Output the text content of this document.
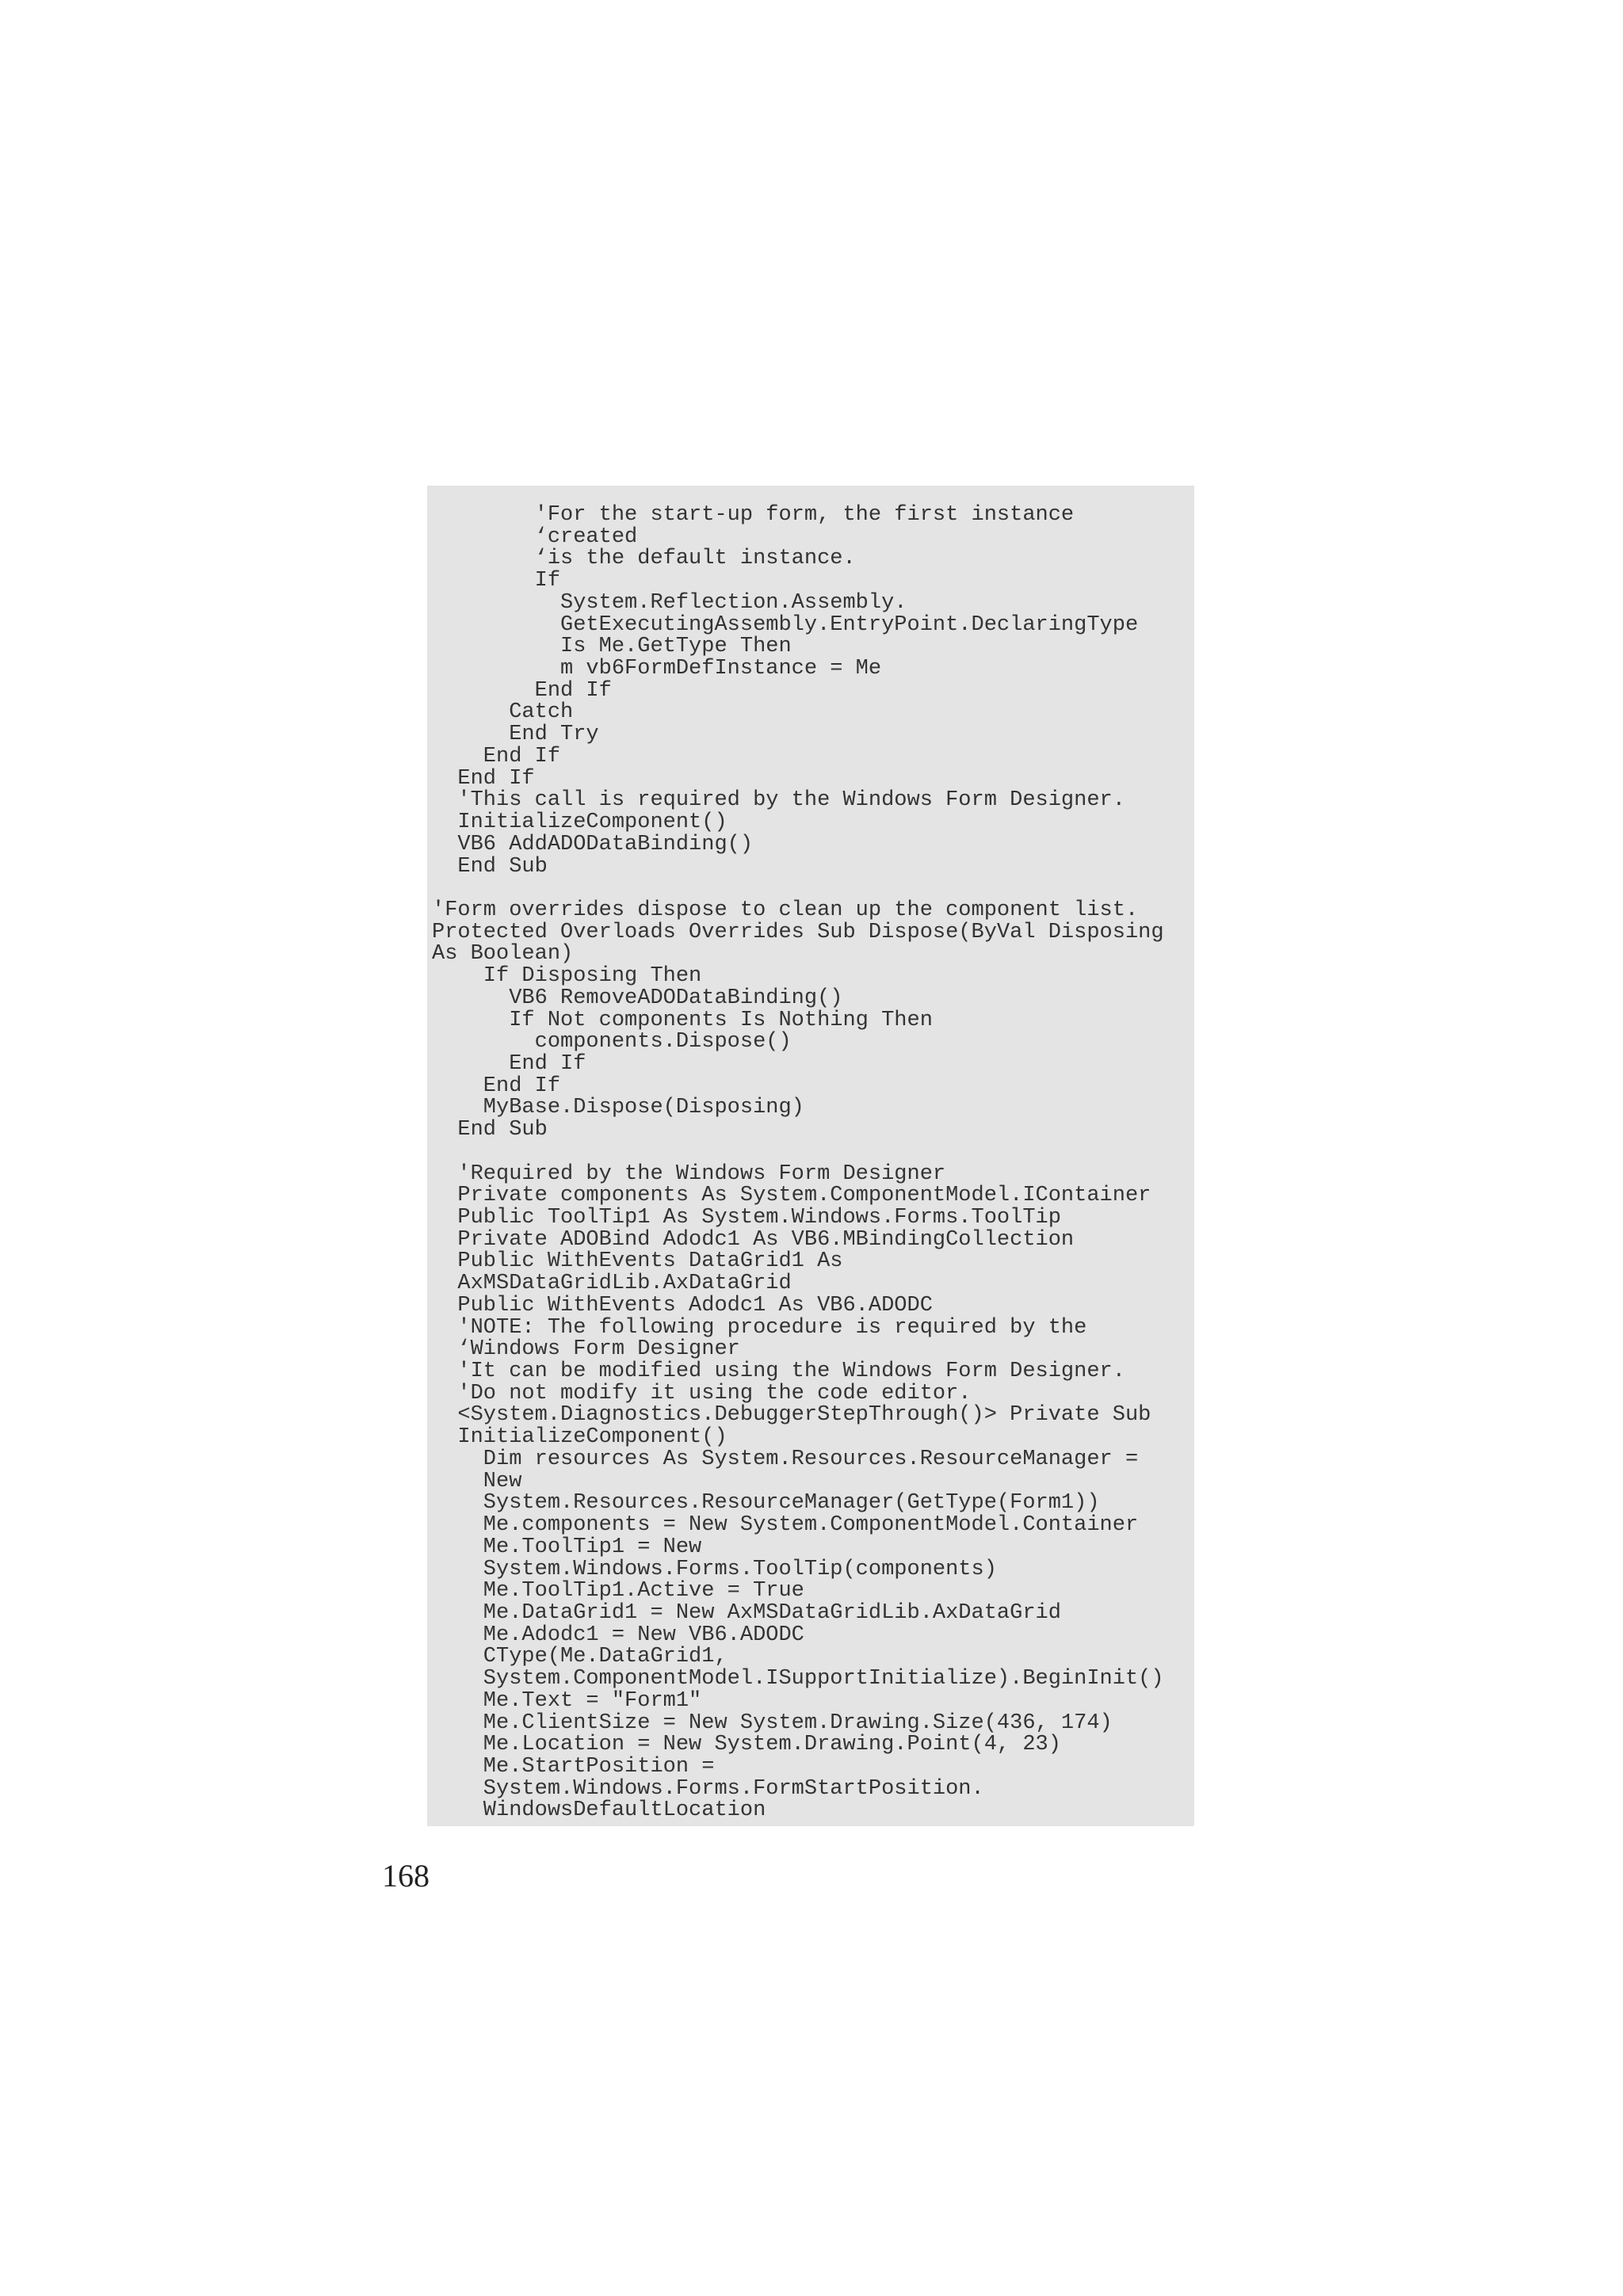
'For the start-up form, the first instance
‘created
‘is the default instance.
If
System.Reflection.Assembly.
GetExecutingAssembly.EntryPoint.DeclaringType
Is Me.GetType Then
m vb6FormDefInstance = Me
End If
Catch
End Try
End If
End If
'This call is required by the Windows Form Designer.
InitializeComponent()
VB6 AddADODataBinding()
End Sub
'Form overrides dispose to clean up the component list.
Protected Overloads Overrides Sub Dispose(ByVal Disposing
As Boolean)
If Disposing Then
VB6 RemoveADODataBinding()
If Not components Is Nothing Then
components.Dispose()
End If
End If
MyBase.Dispose(Disposing)
End Sub
'Required by the Windows Form Designer
Private components As System.ComponentModel.IContainer
Public ToolTip1 As System.Windows.Forms.ToolTip
Private ADOBind Adodc1 As VB6.MBindingCollection
Public WithEvents DataGrid1 As
AxMSDataGridLib.AxDataGrid
Public WithEvents Adodc1 As VB6.ADODC
'NOTE: The following procedure is required by the
‘Windows Form Designer
'It can be modified using the Windows Form Designer.
'Do not modify it using the code editor.
<System.Diagnostics.DebuggerStepThrough()> Private Sub
InitializeComponent()
Dim resources As System.Resources.ResourceManager =
New
System.Resources.ResourceManager(GetType(Form1))
Me.components = New System.ComponentModel.Container
Me.ToolTip1 = New
System.Windows.Forms.ToolTip(components)
Me.ToolTip1.Active = True
Me.DataGrid1 = New AxMSDataGridLib.AxDataGrid
Me.Adodc1 = New VB6.ADODC
CType(Me.DataGrid1,
System.ComponentModel.ISupportInitialize).BeginInit()
Me.Text = "Form1"
Me.ClientSize = New System.Drawing.Size(436, 174)
Me.Location = New System.Drawing.Point(4, 23)
Me.StartPosition =
System.Windows.Forms.FormStartPosition.
WindowsDefaultLocation
168
